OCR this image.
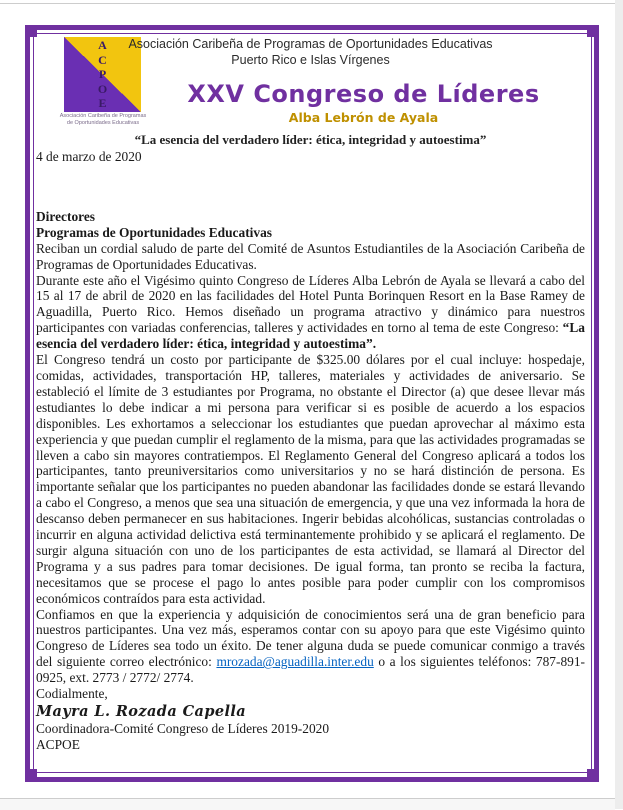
A
C
P
O
E
Asociación Caribeña de Programas
de Oportunidades Educativas
Asociación Caribeña de Programas de Oportunidades Educativas
Puerto Rico e Islas Vírgenes
XXV Congreso de Líderes
Alba Lebrón de Ayala
“La esencia del verdadero líder: ética, integridad y autoestima”

4 de marzo de 2020

Directores
Programas de Oportunidades Educativas

Reciban un cordial saludo de parte del Comité de Asuntos Estudiantiles de la Asociación Caribeña de Programas de Oportunidades Educativas.

Durante este año el Vigésimo quinto Congreso de Líderes Alba Lebrón de Ayala se llevará a cabo del 15 al 17 de abril de 2020 en las facilidades del Hotel Punta Borinquen Resort en la Base Ramey de Aguadilla, Puerto Rico. Hemos diseñado un programa atractivo y dinámico para nuestros participantes con variadas conferencias, talleres y actividades en torno al tema de este Congreso: “La esencia del verdadero líder: ética, integridad y autoestima”.

El Congreso tendrá un costo por participante de $325.00 dólares por el cual incluye: hospedaje, comidas, actividades, transportación HP, talleres, materiales y actividades de aniversario. Se estableció el límite de 3 estudiantes por Programa, no obstante el Director (a) que desee llevar más estudiantes lo debe indicar a mi persona para verificar si es posible de acuerdo a los espacios disponibles. Les exhortamos a seleccionar los estudiantes que puedan aprovechar al máximo esta experiencia y que puedan cumplir el reglamento de la misma, para que las actividades programadas se lleven a cabo sin mayores contratiempos. El Reglamento General del Congreso aplicará a todos los participantes, tanto preuniversitarios como universitarios y no se hará distinción de persona. Es importante señalar que los participantes no pueden abandonar las facilidades donde se estará llevando a cabo el Congreso, a menos que sea una situación de emergencia, y que una vez informada la hora de descanso deben permanecer en sus habitaciones. Ingerir bebidas alcohólicas, sustancias controladas o incurrir en alguna actividad delictiva está terminantemente prohibido y se aplicará el reglamento. De surgir alguna situación con uno de los participantes de esta actividad, se llamará al Director del Programa y a sus padres para tomar decisiones. De igual forma, tan pronto se reciba la factura, necesitamos que se procese el pago lo antes posible para poder cumplir con los compromisos económicos contraídos para esta actividad.

Confiamos en que la experiencia y adquisición de conocimientos será una de gran beneficio para nuestros participantes. Una vez más, esperamos contar con su apoyo para que este Vigésimo quinto Congreso de Líderes sea todo un éxito. De tener alguna duda se puede comunicar conmigo a través del siguiente correo electrónico: mrozada@aguadilla.inter.edu o a los siguientes teléfonos: 787-891-0925, ext. 2773 / 2772/ 2774.

Codialmente,

Mayra L. Rozada Capella

Coordinadora-Comité Congreso de Líderes 2019-2020

ACPOE
